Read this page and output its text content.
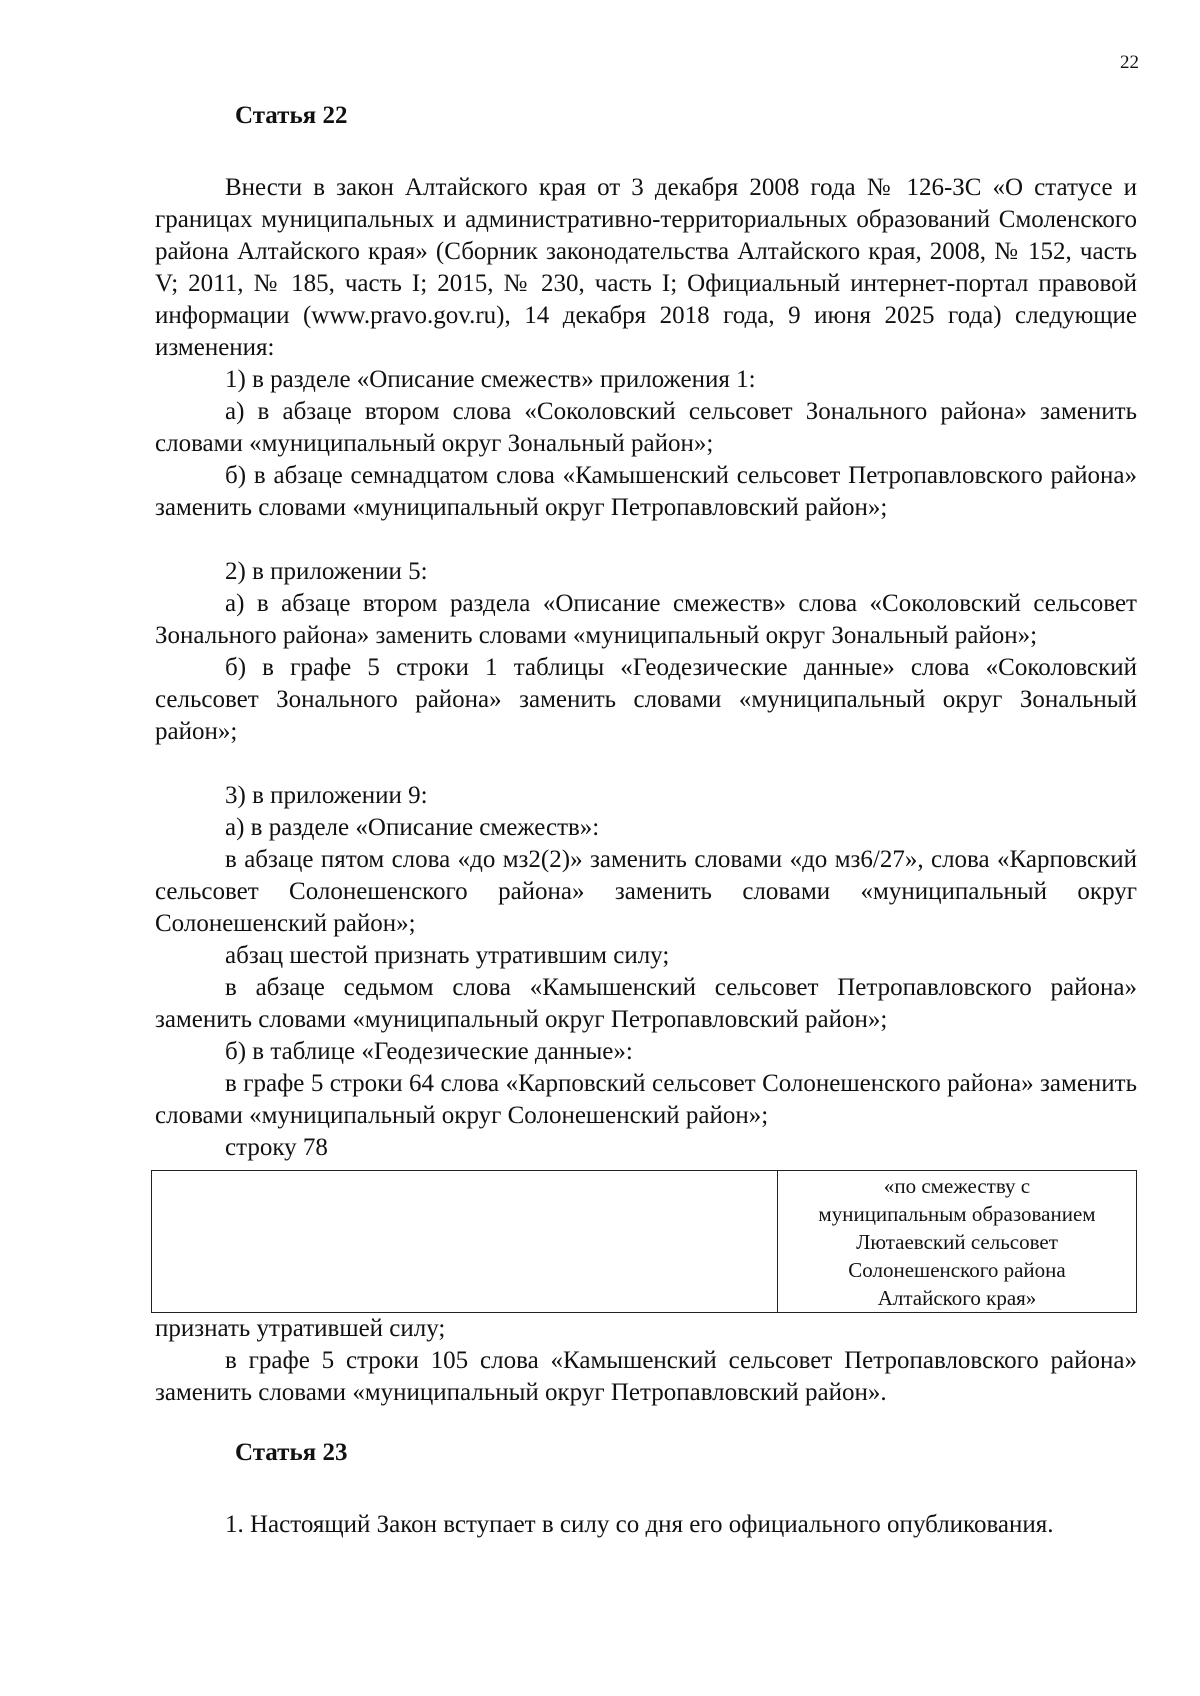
22
Статья 22

Внести в закон Алтайского края от 3 декабря 2008 года № 126-ЗС «О статусе и границах муниципальных и административно-территориальных образований Смоленского района Алтайского края» (Сборник законодательства Алтайского края, 2008, № 152, часть V; 2011, № 185, часть I; 2015, № 230, часть I; Официальный интернет-портал правовой информации (www.pravo.gov.ru), 14 декабря 2018 года, 9 июня 2025 года) следующие изменения:

1) в разделе «Описание смежеств» приложения 1:

а) в абзаце втором слова «Соколовский сельсовет Зонального района» заменить словами «муниципальный округ Зональный район»;

б) в абзаце семнадцатом слова «Камышенский сельсовет Петропавловского района» заменить словами «муниципальный округ Петропавловский район»;

2) в приложении 5:

а) в абзаце втором раздела «Описание смежеств» слова «Соколовский сельсовет Зонального района» заменить словами «муниципальный округ Зональный район»;

б) в графе 5 строки 1 таблицы «Геодезические данные» слова «Соколовский сельсовет Зонального района» заменить словами «муниципальный округ Зональный район»;

3) в приложении 9:

а) в разделе «Описание смежеств»:

в абзаце пятом слова «до мз2(2)» заменить словами «до мз6/27», слова «Карповский сельсовет Солонешенского района» заменить словами «муниципальный округ Солонешенский район»;

абзац шестой признать утратившим силу;

в абзаце седьмом слова «Камышенский сельсовет Петропавловского района» заменить словами «муниципальный округ Петропавловский район»;

б) в таблице «Геодезические данные»:

в графе 5 строки 64 слова «Карповский сельсовет Солонешенского района» заменить словами «муниципальный округ Солонешенский район»;

строку 78

«по смежеству с
муниципальным образованием
Лютаевский сельсовет
Солонешенского района
Алтайского края»

признать утратившей силу;

в графе 5 строки 105 слова «Камышенский сельсовет Петропавловского района» заменить словами «муниципальный округ Петропавловский район».

Статья 23

1. Настоящий Закон вступает в силу со дня его официального опубликования.
